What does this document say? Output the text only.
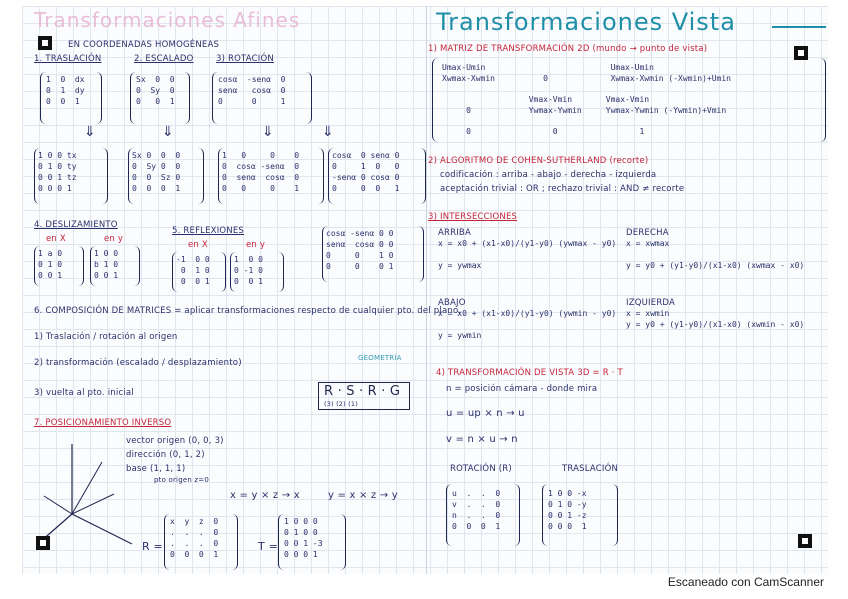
Transformaciones Afines
EN COORDENADAS HOMOGÉNEAS
1. TRASLACIÓN	2. ESCALADO	3) ROTACIÓN
1  0  dx
0  1  dy
0  0  1
Sx  0  0
0  Sy  0
0   0  1
cosα  -senα  0
senα   cosα  0
0      0     1
⇓	⇓	⇓	⇓
1 0 0 tx
0 1 0 ty
0 0 1 tz
0 0 0 1
Sx 0  0  0
0  Sy 0  0
0  0  Sz 0
0  0  0  1
1   0     0    0
0  cosα -senα  0
0  senα  cosα  0
0   0     0    1
cosα  0 senα 0
0     1  0   0
-senα 0 cosα 0
0     0  0   1
4. DESLIZAMIENTO
5. REFLEXIONES
en X	en y
en X	en y
1 a 0
0 1 0
0 0 1
1 0 0
b 1 0
0 0 1
-1  0 0
0  1 0
0  0 1
1  0 0
0 -1 0
0  0 1
cosα -senα 0 0
senα  cosα 0 0
0     0    1 0
0     0    0 1
6. COMPOSICIÓN DE MATRICES = aplicar transformaciones respecto de cualquier pto. del plano.
1) Traslación / rotación al origen
2) transformación (escalado / desplazamiento)
3) vuelta al pto. inicial
GEOMETRÍA
R · S · R · G
(3) (2) (1)
7. POSICIONAMIENTO INVERSO
vector origen (0, 0, 3)
dirección (0, 1, 2)
base (1, 1, 1)
pto origen z=0
x = y × z → x	y = x × z → y
R =
x  y  z  0
.  .  .  0
.  .  .  0
0  0  0  1
T =
1 0 0 0
0 1 0 0
0 0 1 -3
0 0 0 1
Transformaciones Vista
1) MATRIZ DE TRANSFORMACIÓN 2D (mundo → punto de vista)
Umax-Umin                          Umax-Umin
Xwmax-Xwmin          0             Xwmax-Xwmin (-Xwmin)+Umin
Vmax-Vmin       Vmax-Vmin
0            Ywmax-Ywmin     Ywmax-Ywmin (-Ywmin)+Vmin
0                 0                 1
2) ALGORITMO DE COHEN-SUTHERLAND (recorte)
codificación : arriba - abajo - derecha - izquierda
aceptación trivial : OR ; rechazo trivial : AND ≠ recorte
3) INTERSECCIONES
ARRIBA
x = x0 + (x1-x0)/(y1-y0) (ywmax - y0)

y = ywmax
DERECHA
x = xwmax

y = y0 + (y1-y0)/(x1-x0) (xwmax - x0)
ABAJO
x = x0 + (x1-x0)/(y1-y0) (ywmin - y0)

y = ywmin
IZQUIERDA
x = xwmin
y = y0 + (y1-y0)/(x1-x0) (xwmin - x0)
4) TRANSFORMACIÓN DE VISTA 3D = R · T
n = posición cámara - donde mira
u = up × n → u
v = n × u → n
ROTACIÓN (R)	TRASLACIÓN
u  .  .  0
v  .  .  0
n  .  .  0
0  0  0  1
1 0 0 -x
0 1 0 -y
0 0 1 -z
0 0 0  1
Escaneado con CamScanner
